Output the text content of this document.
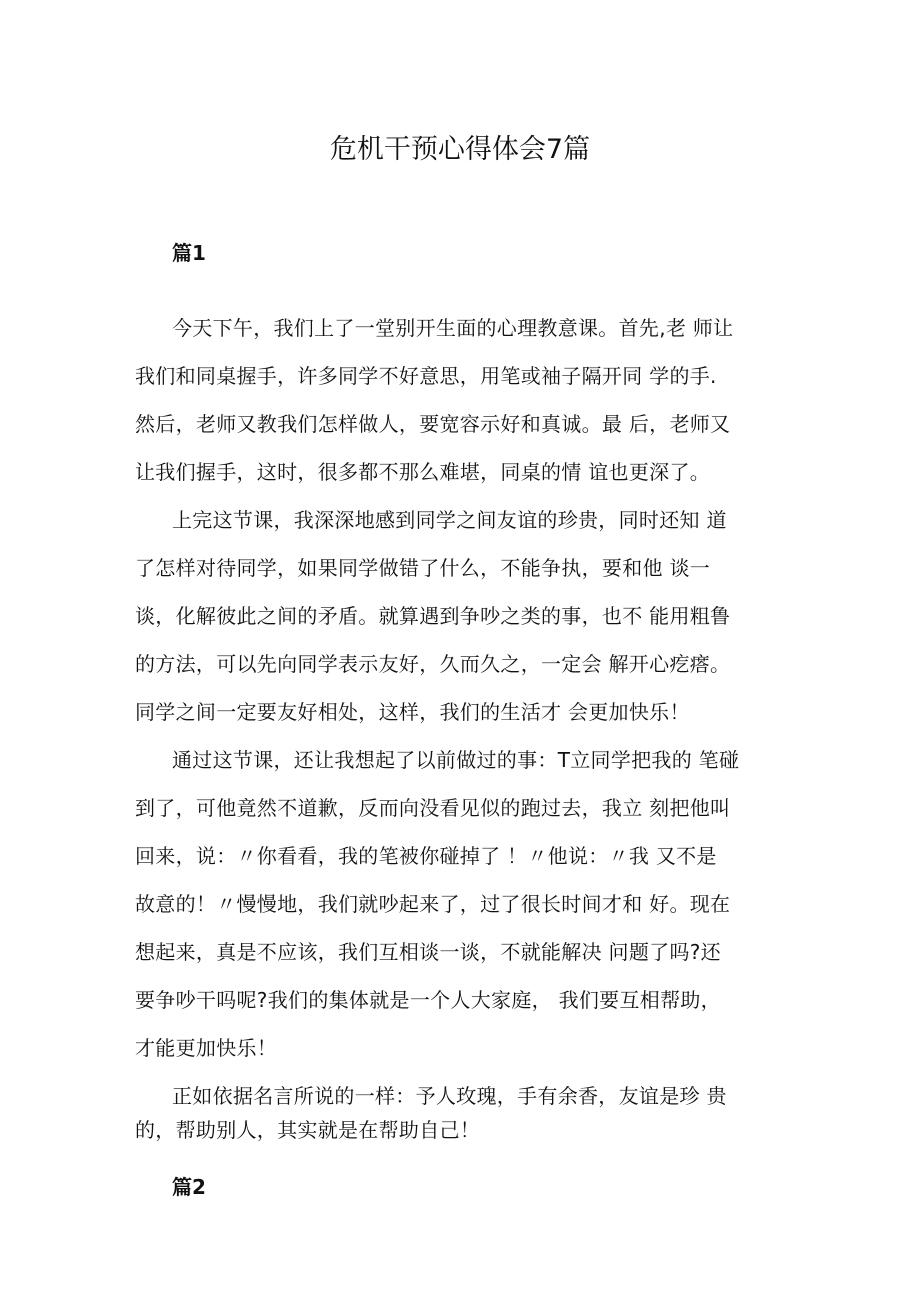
危机干预心得体会7篇
篇1
今天下午，我们上了一堂别开生面的心理教意课。首先,老 师让
我们和同桌握手，许多同学不好意思，用笔或袖子隔开同 学的手.
然后，老师又教我们怎样做人，要宽容示好和真诚。最 后，老师又
让我们握手，这时，很多都不那么难堪，同桌的情 谊也更深了。
上完这节课，我深深地感到同学之间友谊的珍贵，同时还知 道
了怎样对待同学，如果同学做错了什么，不能争执，要和他 谈一
谈，化解彼此之间的矛盾。就算遇到争吵之类的事，也不 能用粗鲁
的方法，可以先向同学表示友好，久而久之，一定会 解开心疙瘩。
同学之间一定要友好相处，这样，我们的生活才 会更加快乐！
通过这节课，还让我想起了以前做过的事：T立同学把我的 笔碰
到了，可他竟然不道歉，反而向没看见似的跑过去，我立 刻把他叫
回来，说：〃你看看，我的笔被你碰掉了 ！〃他说：〃我 又不是
故意的！〃慢慢地，我们就吵起来了，过了很长时间才和 好。现在
想起来，真是不应该，我们互相谈一谈，不就能解决 问题了吗?还
要争吵干吗呢?我们的集体就是一个人大家庭， 我们要互相帮助，
才能更加快乐！
正如依据名言所说的一样：予人玫瑰，手有余香，友谊是珍 贵
的，帮助别人，其实就是在帮助自己！
篇2
